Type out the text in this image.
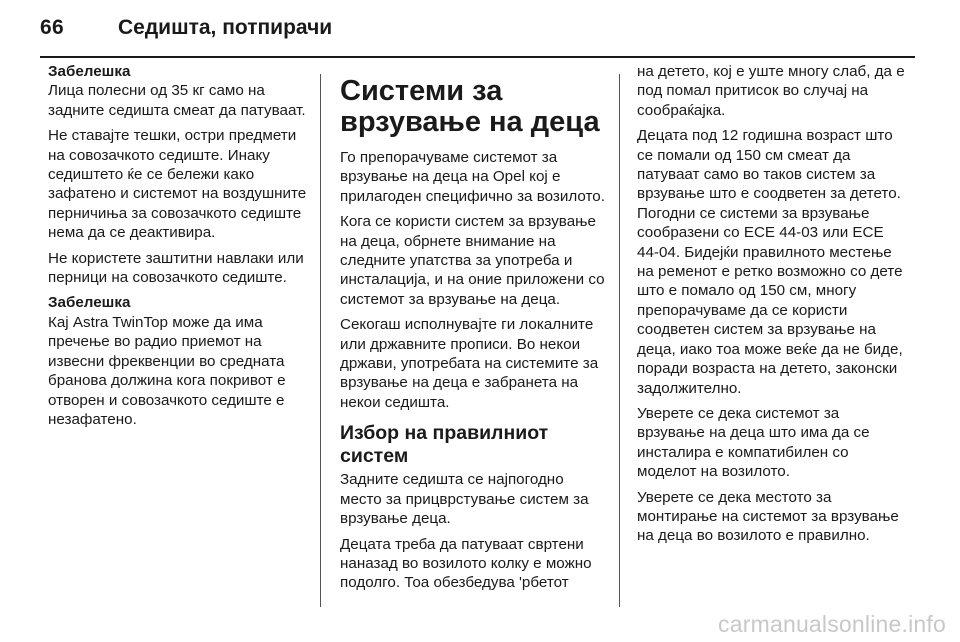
66	Седишта, потпирачи

Забелешка
Лица полесни од 35 кг само на задните седишта смеат да патуваат.

Не ставајте тешки, остри предмети на совозачкото седиште. Инаку седиштето ќе се бележи како зафатено и системот на воздушните перничиња за совозачкото седиште нема да се деактивира.

Не користете заштитни навлаки или перници на совозачкото седиште.

Забелешка
Кај Astra TwinTop може да има пречење во радио приемот на извесни фреквенции во средната бранова должина кога покривот е отворен и совозачкото седиште е незафатено.

Системи за врзување на деца

Го препорачуваме системот за врзување на деца на Opel кој е прилагоден специфично за возилото.

Кога се користи систем за врзување на деца, обрнете внимание на следните упатства за употреба и инсталација, и на оние приложени со системот за врзување на деца.

Секогаш исполнувајте ги локалните или државните прописи. Во некои држави, употребата на системите за врзување на деца е забранета на некои седишта.

Избор на правилниот систем

Задните седишта се најпогодно место за прицврстување систем за врзување деца.

Децата треба да патуваат свртени наназад во возилото колку е можно подолго. Тоа обезбедува 'рбетот

на детето, кој е уште многу слаб, да е под помал притисок во случај на сообраќајка.

Децата под 12 годишна возраст што се помали од 150 см смеат да патуваат само во таков систем за врзување што е соодветен за детето. Погодни се системи за врзување сообразени со ECE 44-03 или ECE 44-04. Бидејќи правилното местење на ременот е ретко возможно со дете што е помало од 150 см, многу препорачуваме да се користи соодветен систем за врзување на деца, иако тоа може веќе да не биде, поради возраста на детето, законски задолжително.

Уверете се дека системот за врзување на деца што има да се инсталира е компатибилен со моделот на возилото.

Уверете се дека местото за монтирање на системот за врзување на деца во возилото е правилно.

carmanualsonline.info
